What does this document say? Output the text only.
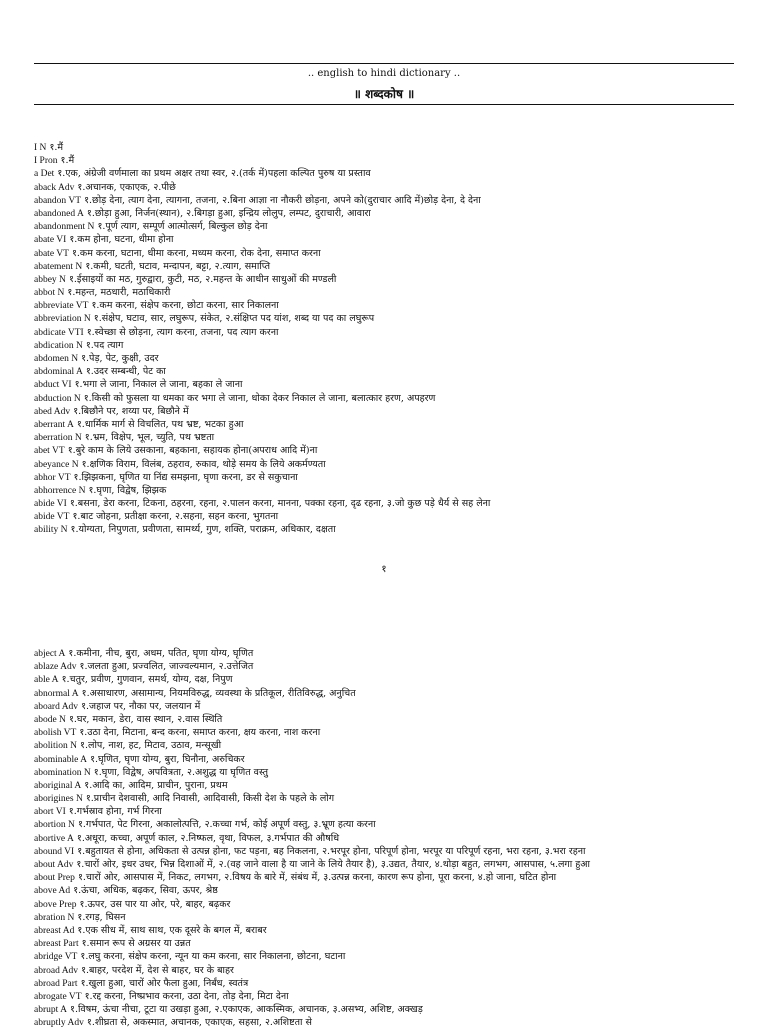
.. english to hindi dictionary ..
॥ शब्दकोष ॥
I N १.मैं
I Pron १.मैं
a Det १.एक, अंग्रेजी वर्णमाला का प्रथम अक्षर तथा स्वर, २.(तर्क में)पहला कल्पित पुरुष या प्रस्ताव
aback Adv १.अचानक, एकाएक, २.पीछे
abandon VT १.छोड़ देना, त्याग देना, त्यागना, तजना, २.बिना आज्ञा ना नौकरी छोड़ना, अपने को(दुराचार आदि में)छोड़ देना, दे देना
abandoned A १.छोड़ा हुआ, निर्जन(स्थान), २.बिगड़ा हुआ, इन्द्रिय लोलुप, लम्पट, दुराचारी, आवारा
abandonment N १.पूर्ण त्याग, सम्पूर्ण आत्मोत्सर्ग, बिल्कुल छोड़ देना
abate VI १.कम होना, घटना, धीमा होना
abate VT १.कम करना, घटाना, धीमा करना, मध्यम करना, रोक देना, समाप्त करना
abatement N १.कमी, घटती, घटाव, मन्दापन, बट्टा, २.त्याग, समाप्ति
abbey N १.ईसाइयों का मठ, गुरुद्वारा, कुटी, मठ, २.महन्त के आधीन साधुओं की मण्डली
abbot N १.महन्त, मठधारी, मठाधिकारी
abbreviate VT १.कम करना, संक्षेप करना, छोटा करना, सार निकालना
abbreviation N १.संक्षेप, घटाव, सार, लघुरूप, संकेत, २.संक्षिप्त पद यांश, शब्द या पद का लघुरूप
abdicate VTI १.स्वेच्छा से छोड़ना, त्याग करना, तजना, पद त्याग करना
abdication N १.पद त्याग
abdomen N १.पेड़, पेट, कुक्षी, उदर
abdominal A १.उदर सम्बन्धी, पेट का
abduct VI १.भगा ले जाना, निकाल ले जाना, बहका ले जाना
abduction N १.किसी को फुसला या धमका कर भगा ले जाना, धोका देकर निकाल ले जाना, बलात्कार हरण, अपहरण
abed Adv १.बिछौने पर, शय्या पर, बिछौने में
aberrant A १.धार्मिक मार्ग से विचलित, पथ भ्रष्ट, भटका हुआ
aberration N १.भ्रम, विक्षेप, भूल, च्युति, पथ भ्रष्टता
abet VT १.बुरे काम के लिये उसकाना, बहकाना, सहायक होना(अपराध आदि में)ना
abeyance N १.क्षणिक विराम, विलंब, ठहराव, रुकाव, थोड़े समय के लिये अकर्मण्यता
abhor VT १.झिझकना, घृणित या निंद्य समझना, घृणा करना, डर से सकुचाना
abhorrence N १.घृणा, विद्वेष, झिझक
abide VI १.बसना, डेरा करना, टिकना, ठहरना, रहना, २.पालन करना, मानना, पक्का रहना, दृढ रहना, ३.जो कुछ पड़े धैर्य से सह लेना
abide VT १.बाट जोहना, प्रतीक्षा करना, २.सहना, सहन करना, भुगतना
ability N १.योग्यता, निपुणता, प्रवीणता, सामर्थ्य, गुण, शक्ति, पराक्रम, अधिकार, दक्षता
१
abject A १.कमीना, नीच, बुरा, अधम, पतित, घृणा योग्य, घृणित
ablaze Adv १.जलता हुआ, प्रज्वलित, जाज्वल्यमान, २.उत्तेजित
able A १.चतुर, प्रवीण, गुणवान, समर्थ, योग्य, दक्ष, निपुण
abnormal A १.असाधारण, असामान्य, नियमविरुद्ध, व्यवस्था के प्रतिकूल, रीतिविरुद्ध, अनुचित
aboard Adv १.जहाज पर, नौका पर, जलयान में
abode N १.घर, मकान, डेरा, वास स्थान, २.वास स्थिति
abolish VT १.उठा देना, मिटाना, बन्द करना, समाप्त करना, क्षय करना, नाश करना
abolition N १.लोप, नाश, हट, मिटाव, उठाव, मन्सूखी
abominable A १.घृणित, घृणा योग्य, बुरा, घिनौना, अरुचिकर
abomination N १.घृणा, विद्वेष, अपवित्रता, २.अशुद्ध या घृणित वस्तु
aboriginal A १.आदि का, आदिम, प्राचीन, पुराना, प्रथम
aborigines N १.प्राचीन देशवासी, आदि निवासी, आदिवासी, किसी देश के पहले के लोग
abort VI १.गर्भस्राव होना, गर्भ गिरना
abortion N १.गर्भपात, पेट गिरना, अकालोत्पत्ति, २.कच्चा गर्भ, कोई अपूर्ण वस्तु, ३.भ्रूण हत्या करना
abortive A १.अधूरा, कच्चा, अपूर्ण काल, २.निष्फल, वृथा, विफल, ३.गर्भपात की औषधि
abound VI १.बहुतायत से होना, अधिकता से उत्पन्न होना, फट पड़ना, बह निकलना, २.भरपूर होना, परिपूर्ण होना, भरपूर या परिपूर्ण रहना, भरा रहना, ३.भरा रहना
about Adv १.चारों ओर, इधर उधर, भिन्न दिशाओं में, २.(वह जाने वाला है या जाने के लिये तैयार है), ३.उद्यत, तैयार, ४.थोड़ा बहुत, लगभग, आसपास, ५.लगा हुआ
about Prep १.चारों ओर, आसपास में, निकट, लगभग, २.विषय के बारे में, संबंध में, ३.उत्पन्न करना, कारण रूप होना, पूरा करना, ४.हो जाना, घटित होना
above Ad १.ऊंचा, अधिक, बढ़कर, सिवा, ऊपर, श्रेष्ठ
above Prep १.ऊपर, उस पार या ओर, परे, बाहर, बढ़कर
abration N १.रगड़, घिसन
abreast Ad १.एक सीध में, साथ साथ, एक दूसरे के बगल में, बराबर
abreast Part १.समान रूप से अग्रसर या उन्नत
abridge VT १.लघु करना, संक्षेप करना, न्यून या कम करना, सार निकालना, छोटना, घटाना
abroad Adv १.बाहर, परदेश में, देश से बाहर, घर के बाहर
abroad Part १.खुला हुआ, चारों ओर फैला हुआ, निर्बंध, स्वतंत्र
abrogate VT १.रद्द करना, निष्प्रभाव करना, उठा देना, तोड़ देना, मिटा देना
abrupt A १.विषम, ऊंचा नीचा, टूटा या उखड़ा हुआ, २.एकाएक, आकस्मिक, अचानक, ३.असभ्य, अशिष्ट, अक्खड़
abruptly Adv १.शीघ्रता से, अकस्मात, अचानक, एकाएक, सहसा, २.अशिष्टता से
